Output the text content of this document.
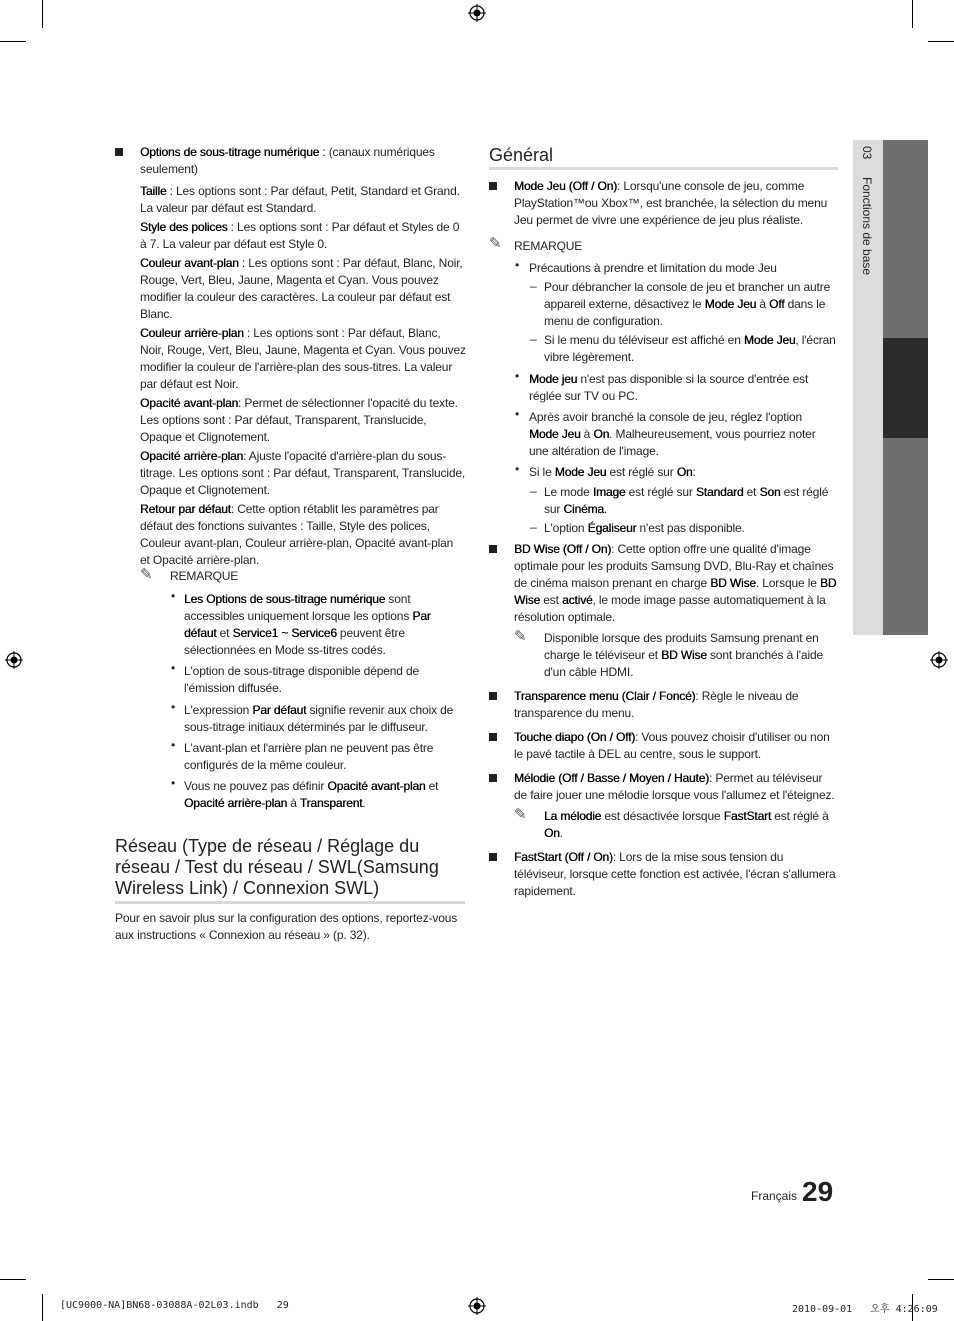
03
Fonctions de base

Options de sous-titrage numérique : (canaux numériques seulement)

Taille : Les options sont : Par défaut, Petit, Standard et Grand. La valeur par défaut est Standard.

Style des polices : Les options sont : Par défaut et Styles de 0 à 7. La valeur par défaut est Style 0.

Couleur avant-plan : Les options sont : Par défaut, Blanc, Noir, Rouge, Vert, Bleu, Jaune, Magenta et Cyan. Vous pouvez modifier la couleur des caractères. La couleur par défaut est Blanc.

Couleur arrière-plan : Les options sont : Par défaut, Blanc, Noir, Rouge, Vert, Bleu, Jaune, Magenta et Cyan. Vous pouvez modifier la couleur de l'arrière-plan des sous-titres. La valeur par défaut est Noir.

Opacité avant-plan: Permet de sélectionner l'opacité du texte. Les options sont : Par défaut, Transparent, Translucide, Opaque et Clignotement.

Opacité arrière-plan: Ajuste l'opacité d'arrière-plan du sous-titrage. Les options sont : Par défaut, Transparent, Translucide, Opaque et Clignotement.

Retour par défaut: Cette option rétablit les paramètres par défaut des fonctions suivantes : Taille, Style des polices, Couleur avant-plan, Couleur arrière-plan, Opacité avant-plan et Opacité arrière-plan.

✎ REMARQUE
• Les Options de sous-titrage numérique sont accessibles uniquement lorsque les options Par défaut et Service1 ~ Service6 peuvent être sélectionnées en Mode ss-titres codés.

• L'option de sous-titrage disponible dépend de l'émission diffusée.

• L'expression Par défaut signifie revenir aux choix de sous-titrage initiaux déterminés par le diffuseur.

• L'avant-plan et l'arrière plan ne peuvent pas être configurés de la même couleur.

• Vous ne pouvez pas définir Opacité avant-plan et Opacité arrière-plan à Transparent.

Réseau (Type de réseau / Réglage du réseau / Test du réseau / SWL(Samsung Wireless Link) / Connexion SWL)
Pour en savoir plus sur la configuration des options, reportez-vous aux instructions « Connexion au réseau » (p. 32).
Général

Mode Jeu (Off / On): Lorsqu'une console de jeu, comme PlayStation™ou Xbox™, est branchée, la sélection du menu Jeu permet de vivre une expérience de jeu plus réaliste.

✎ REMARQUE
• Précautions à prendre et limitation du mode Jeu
– Pour débrancher la console de jeu et brancher un autre appareil externe, désactivez le Mode Jeu à Off dans le menu de configuration.

– Si le menu du téléviseur est affiché en Mode Jeu, l'écran vibre légèrement.

• Mode jeu n'est pas disponible si la source d'entrée est réglée sur TV ou PC.

• Après avoir branché la console de jeu, réglez l'option Mode Jeu à On. Malheureusement, vous pourriez noter une altération de l'image.

• Si le Mode Jeu est réglé sur On:

– Le mode Image est réglé sur Standard et Son est réglé sur Cinéma.

– L'option Égaliseur n'est pas disponible.

BD Wise (Off / On): Cette option offre une qualité d'image optimale pour les produits Samsung DVD, Blu-Ray et chaînes de cinéma maison prenant en charge BD Wise. Lorsque le BD Wise est activé, le mode image passe automatiquement à la résolution optimale.

✎ Disponible lorsque des produits Samsung prenant en charge le téléviseur et BD Wise sont branchés à l'aide d'un câble HDMI.

Transparence menu (Clair / Foncé): Règle le niveau de transparence du menu.

Touche diapo (On / Off): Vous pouvez choisir d'utiliser ou non le pavé tactile à DEL au centre, sous le support.

Mélodie (Off / Basse / Moyen / Haute): Permet au téléviseur de faire jouer une mélodie lorsque vous l'allumez et l'éteignez.

✎ La mélodie est désactivée lorsque FastStart est réglé à On.

FastStart (Off / On): Lors de la mise sous tension du téléviseur, lorsque cette fonction est activée, l'écran s'allumera rapidement.

Français 29
[UC9000-NA]BN68-03088A-02L03.indb   29	2010-09-01   오후 4:26:09
